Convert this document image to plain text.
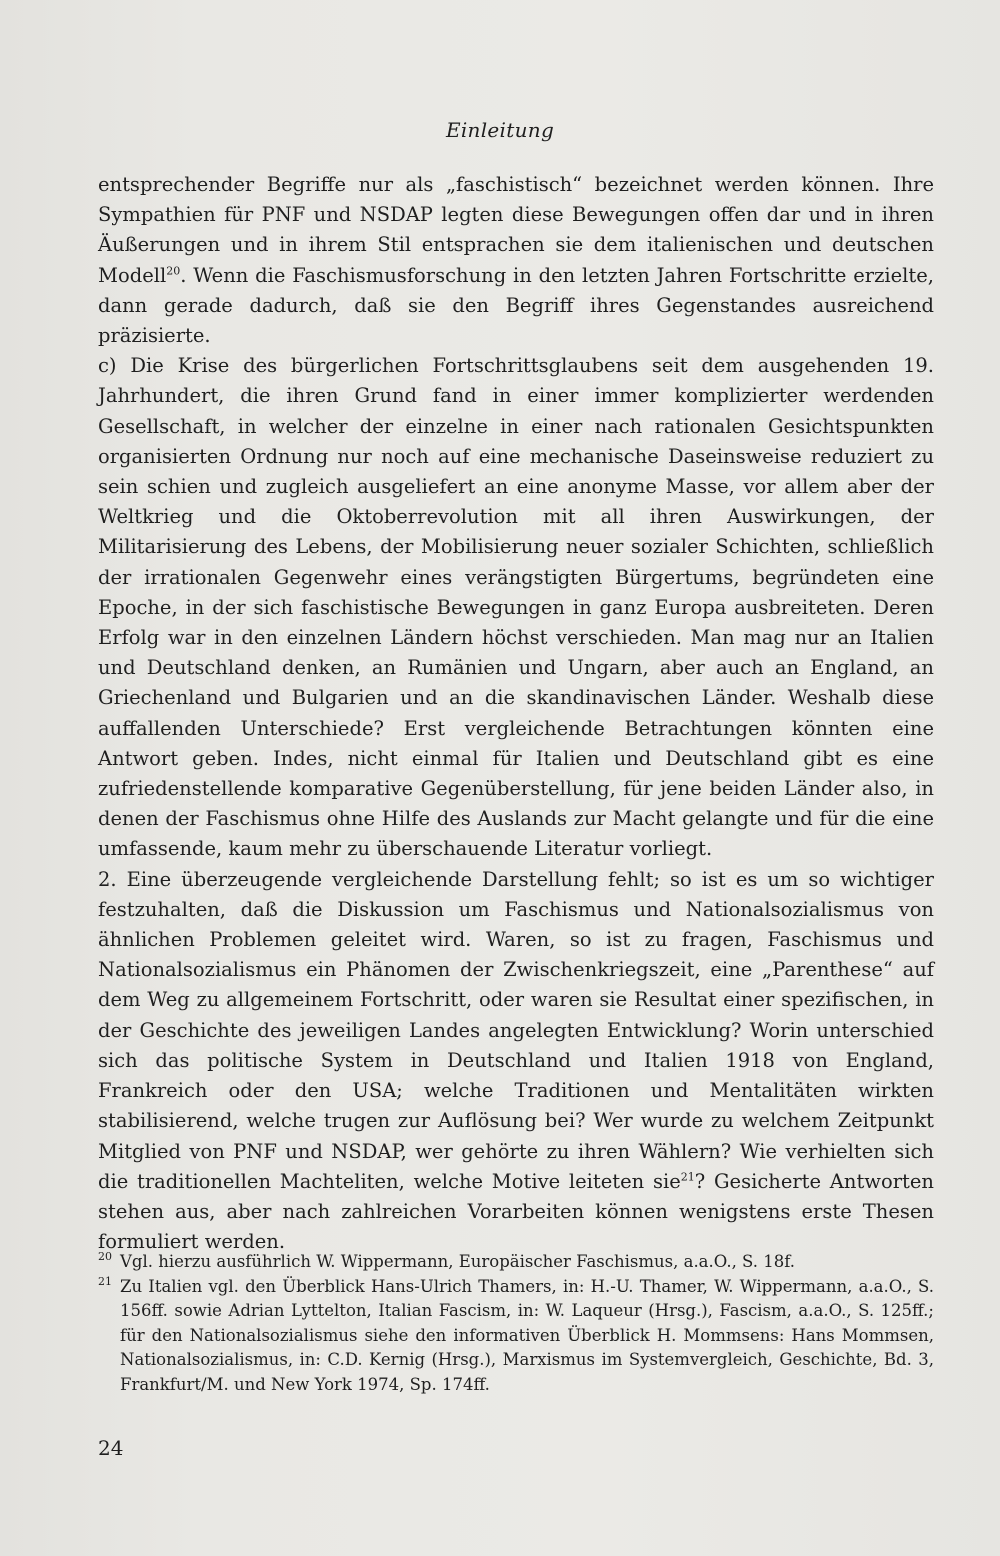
Einleitung

entsprechender Begriffe nur als „faschistisch“ bezeichnet werden können. Ihre Sympathien für PNF und NSDAP legten diese Bewegungen offen dar und in ihren Äußerungen und in ihrem Stil entsprachen sie dem italienischen und deutschen Modell$^{20}$. Wenn die Faschismusforschung in den letzten Jahren Fortschritte erzielte, dann gerade dadurch, daß sie den Begriff ihres Gegenstandes ausreichend präzisierte.

c) Die Krise des bürgerlichen Fortschrittsglaubens seit dem ausgehenden 19. Jahrhundert, die ihren Grund fand in einer immer komplizierter werdenden Gesellschaft, in welcher der einzelne in einer nach rationalen Gesichtspunkten organisierten Ordnung nur noch auf eine mechanische Daseinsweise reduziert zu sein schien und zugleich ausgeliefert an eine anonyme Masse, vor allem aber der Weltkrieg und die Oktoberrevolution mit all ihren Auswirkungen, der Militarisierung des Lebens, der Mobilisierung neuer sozialer Schichten, schließlich der irrationalen Gegenwehr eines verängstigten Bürgertums, begründeten eine Epoche, in der sich faschistische Bewegungen in ganz Europa ausbreiteten. Deren Erfolg war in den einzelnen Ländern höchst verschieden. Man mag nur an Italien und Deutschland denken, an Rumänien und Ungarn, aber auch an England, an Griechenland und Bulgarien und an die skandinavischen Länder. Weshalb diese auffallenden Unterschiede? Erst vergleichende Betrachtungen könnten eine Antwort geben. Indes, nicht einmal für Italien und Deutschland gibt es eine zufriedenstellende komparative Gegenüberstellung, für jene beiden Länder also, in denen der Faschismus ohne Hilfe des Auslands zur Macht gelangte und für die eine umfassende, kaum mehr zu überschauende Literatur vorliegt.

2. Eine überzeugende vergleichende Darstellung fehlt; so ist es um so wichtiger festzuhalten, daß die Diskussion um Faschismus und Nationalsozialismus von ähnlichen Problemen geleitet wird. Waren, so ist zu fragen, Faschismus und Nationalsozialismus ein Phänomen der Zwischenkriegszeit, eine „Parenthese“ auf dem Weg zu allgemeinem Fortschritt, oder waren sie Resultat einer spezifischen, in der Geschichte des jeweiligen Landes angelegten Entwicklung? Worin unterschied sich das politische System in Deutschland und Italien 1918 von England, Frankreich oder den USA; welche Traditionen und Mentalitäten wirkten stabilisierend, welche trugen zur Auflösung bei? Wer wurde zu welchem Zeitpunkt Mitglied von PNF und NSDAP, wer gehörte zu ihren Wählern? Wie verhielten sich die traditionellen Machteliten, welche Motive leiteten sie$^{21}$? Gesicherte Antworten stehen aus, aber nach zahlreichen Vorarbeiten können wenigstens erste Thesen formuliert werden.

20 Vgl. hierzu ausführlich W. Wippermann, Europäischer Faschismus, a.a.O., S. 18f.

21 Zu Italien vgl. den Überblick Hans-Ulrich Thamers, in: H.-U. Thamer, W. Wippermann, a.a.O., S. 156ff. sowie Adrian Lyttelton, Italian Fascism, in: W. Laqueur (Hrsg.), Fascism, a.a.O., S. 125ff.; für den Nationalsozialismus siehe den informativen Überblick H. Mommsens: Hans Mommsen, Nationalsozialismus, in: C.D. Kernig (Hrsg.), Marxismus im Systemvergleich, Geschichte, Bd. 3, Frankfurt/M. und New York 1974, Sp. 174ff.

24
